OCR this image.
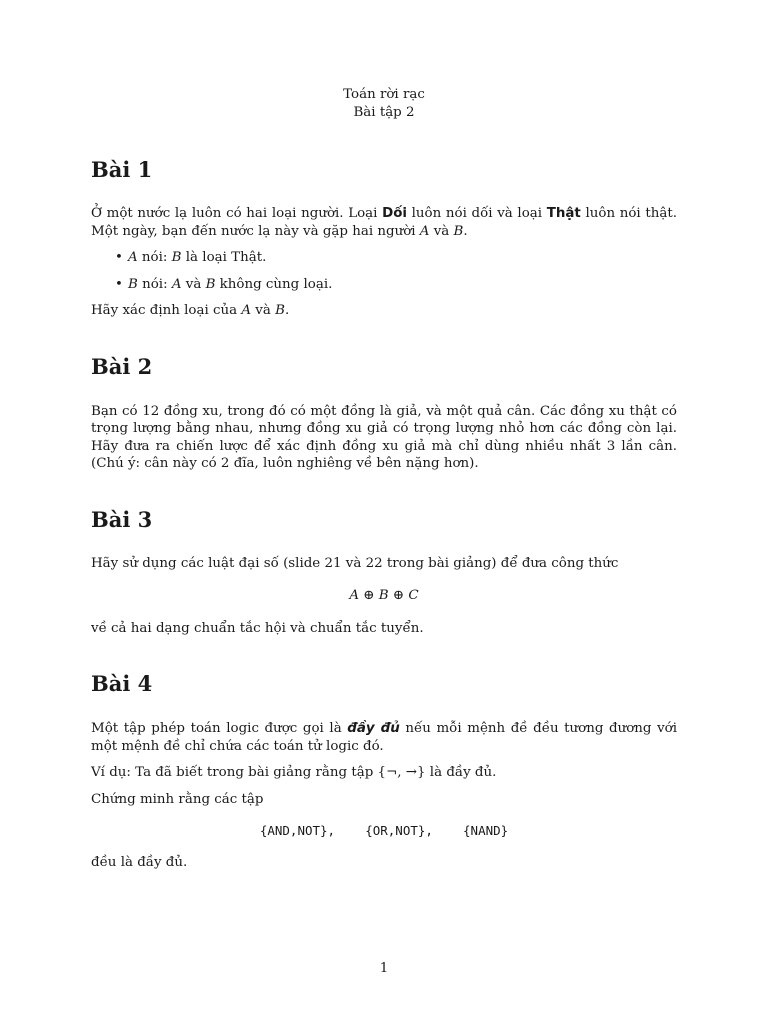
Toán rời rạc
Bài tập 2
Bài 1

Ở một nước lạ luôn có hai loại người. Loại Dối luôn nói dối và loại Thật luôn nói thật. Một ngày, bạn đến nước lạ này và gặp hai người A và B.

• A nói: B là loại Thật.
• B nói: A và B không cùng loại.

Hãy xác định loại của A và B.

Bài 2

Bạn có 12 đồng xu, trong đó có một đồng là giả, và một quả cân. Các đồng xu thật có trọng lượng bằng nhau, nhưng đồng xu giả có trọng lượng nhỏ hơn các đồng còn lại. Hãy đưa ra chiến lược để xác định đồng xu giả mà chỉ dùng nhiều nhất 3 lần cân. (Chú ý: cân này có 2 đĩa, luôn nghiêng về bên nặng hơn).

Bài 3

Hãy sử dụng các luật đại số (slide 21 và 22 trong bài giảng) để đưa công thức

A ⊕ B ⊕ C

về cả hai dạng chuẩn tắc hội và chuẩn tắc tuyển.

Bài 4

Một tập phép toán logic được gọi là đầy đủ nếu mỗi mệnh đề đều tương đương với một mệnh đề chỉ chứa các toán tử logic đó.

Ví dụ: Ta đã biết trong bài giảng rằng tập {¬, →} là đầy đủ.

Chứng minh rằng các tập

{AND,NOT}, {OR,NOT}, {NAND}

đều là đầy đủ.

1
